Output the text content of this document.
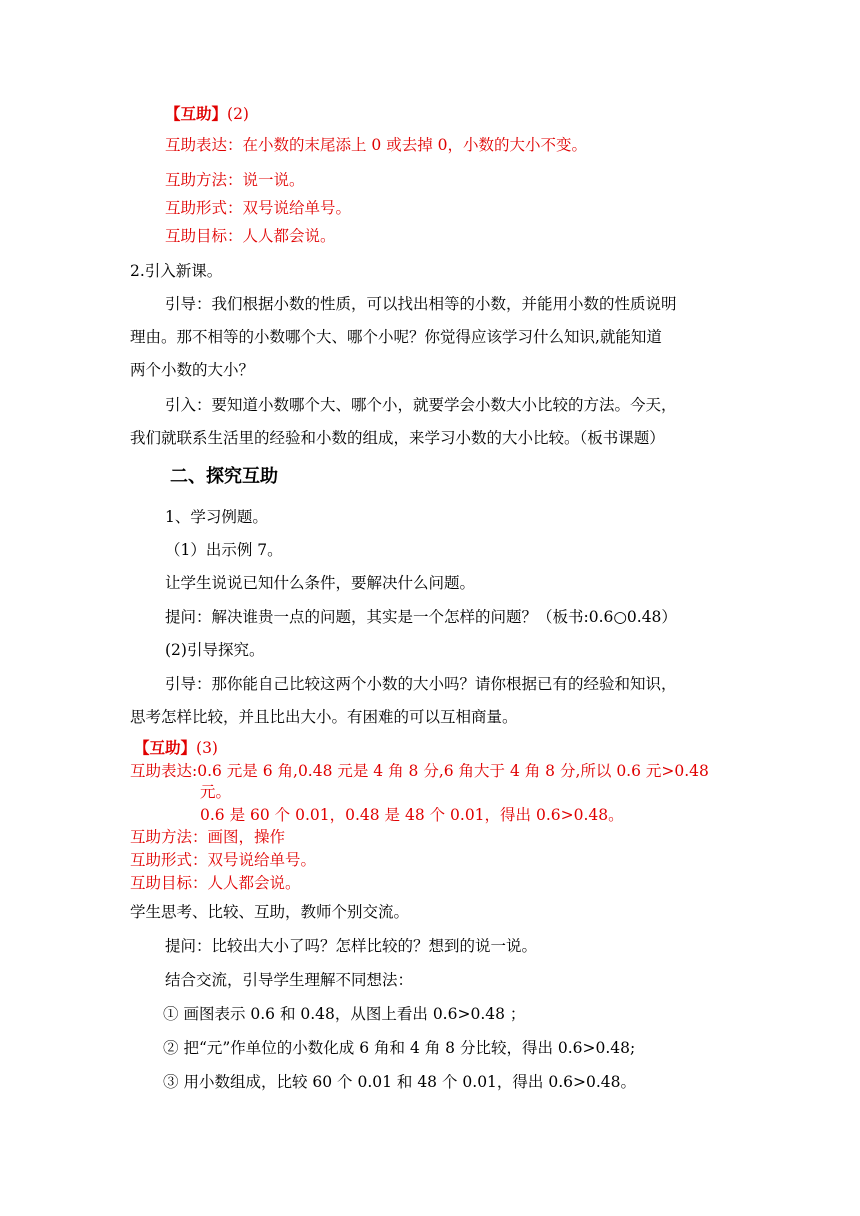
【互助】(2)
互助表达：在小数的末尾添上 0 或去掉 0，小数的大小不变。
互助方法：说一说。
互助形式：双号说给单号。
互助目标：人人都会说。
2.引入新课。
引导：我们根据小数的性质，可以找出相等的小数，并能用小数的性质说明
理由。那不相等的小数哪个大、哪个小呢？你觉得应该学习什么知识,就能知道
两个小数的大小？
引入：要知道小数哪个大、哪个小，就要学会小数大小比较的方法。今天，
我们就联系生活里的经验和小数的组成，来学习小数的大小比较。（板书课题）
二、探究互助
1、学习例题。
（1）出示例 7。
让学生说说已知什么条件，要解决什么问题。
提问：解决谁贵一点的问题，其实是一个怎样的问题？（板书:0.6○0.48）
(2)引导探究。
引导：那你能自己比较这两个小数的大小吗？请你根据已有的经验和知识，
思考怎样比较，并且比出大小。有困难的可以互相商量。
【互助】(3)
互助表达:0.6 元是 6 角,0.48 元是 4 角 8 分,6 角大于 4 角 8 分,所以 0.6 元>0.48
元。
0.6 是 60 个 0.01，0.48 是 48 个 0.01，得出 0.6>0.48。
互助方法：画图，操作
互助形式：双号说给单号。
互助目标：人人都会说。
学生思考、比较、互助，教师个别交流。
提问：比较出大小了吗？怎样比较的？想到的说一说。
结合交流，引导学生理解不同想法：
① 画图表示 0.6 和 0.48，从图上看出 0.6>0.48 ；
② 把“元”作单位的小数化成 6 角和 4 角 8 分比较，得出 0.6>0.48;
③ 用小数组成，比较 60 个 0.01 和 48 个 0.01，得出 0.6>0.48。
